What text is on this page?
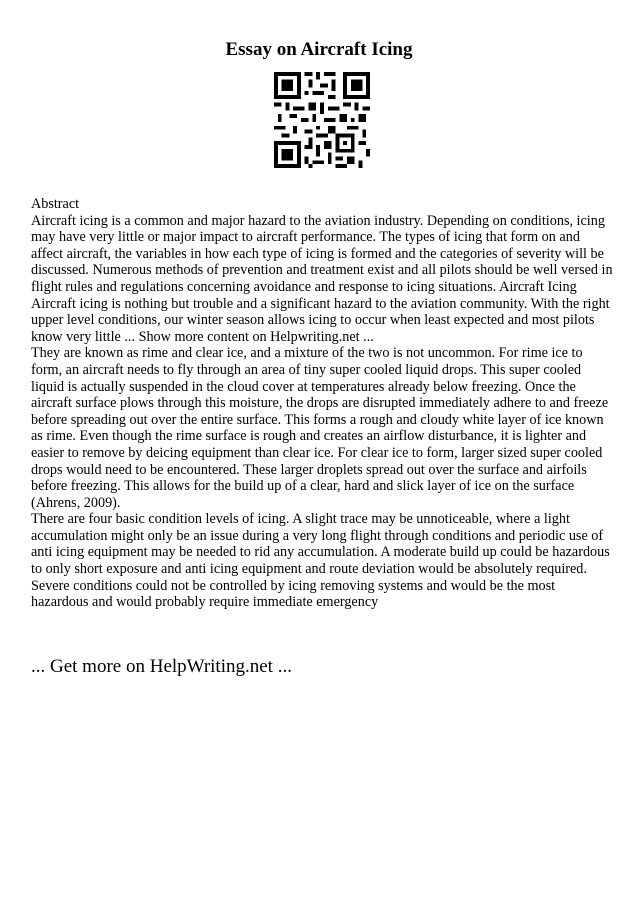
Essay on Aircraft Icing

Abstract

Aircraft icing is a common and major hazard to the aviation industry. Depending on conditions, icing may have very little or major impact to aircraft performance. The types of icing that form on and affect aircraft, the variables in how each type of icing is formed and the categories of severity will be discussed. Numerous methods of prevention and treatment exist and all pilots should be well versed in flight rules and regulations concerning avoidance and response to icing situations. Aircraft Icing

Aircraft icing is nothing but trouble and a significant hazard to the aviation community. With the right upper level conditions, our winter season allows icing to occur when least expected and most pilots know very little ... Show more content on Helpwriting.net ...

They are known as rime and clear ice, and a mixture of the two is not uncommon. For rime ice to form, an aircraft needs to fly through an area of tiny super cooled liquid drops. This super cooled liquid is actually suspended in the cloud cover at temperatures already below freezing. Once the aircraft surface plows through this moisture, the drops are disrupted immediately adhere to and freeze before spreading out over the entire surface. This forms a rough and cloudy white layer of ice known as rime. Even though the rime surface is rough and creates an airflow disturbance, it is lighter and easier to remove by deicing equipment than clear ice. For clear ice to form, larger sized super cooled drops would need to be encountered. These larger droplets spread out over the surface and airfoils before freezing. This allows for the build up of a clear, hard and slick layer of ice on the surface (Ahrens, 2009).

There are four basic condition levels of icing. A slight trace may be unnoticeable, where a light accumulation might only be an issue during a very long flight through conditions and periodic use of anti icing equipment may be needed to rid any accumulation. A moderate build up could be hazardous to only short exposure and anti icing equipment and route deviation would be absolutely required. Severe conditions could not be controlled by icing removing systems and would be the most hazardous and would probably require immediate emergency

... Get more on HelpWriting.net ...
